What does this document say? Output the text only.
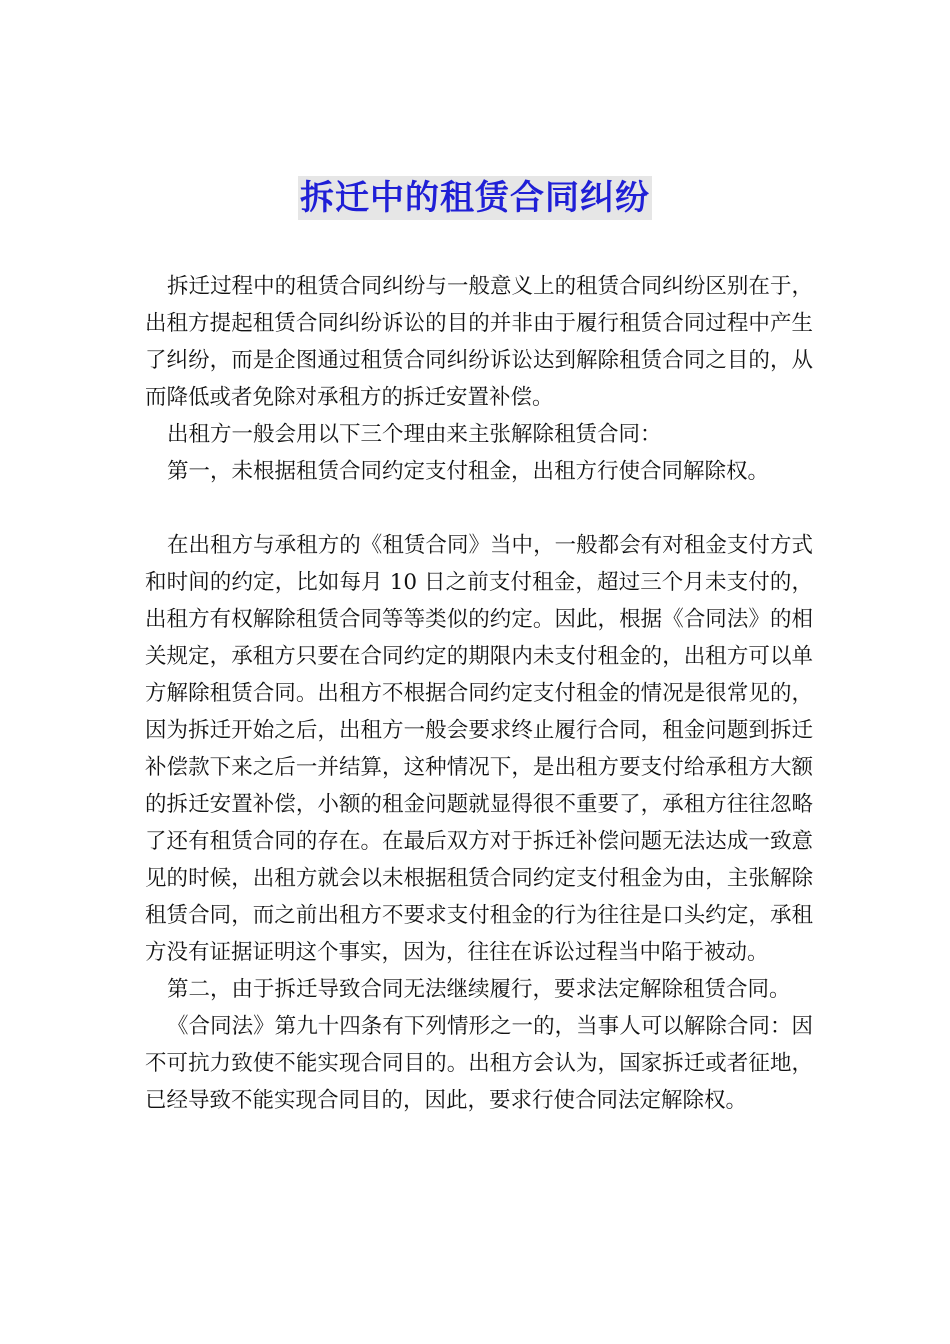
拆迁中的租赁合同纠纷

拆迁过程中的租赁合同纠纷与一般意义上的租赁合同纠纷区别在于，出租方提起租赁合同纠纷诉讼的目的并非由于履行租赁合同过程中产生了纠纷，而是企图通过租赁合同纠纷诉讼达到解除租赁合同之目的，从而降低或者免除对承租方的拆迁安置补偿。

出租方一般会用以下三个理由来主张解除租赁合同：

第一，未根据租赁合同约定支付租金，出租方行使合同解除权。

在出租方与承租方的《租赁合同》当中，一般都会有对租金支付方式和时间的约定，比如每月 10 日之前支付租金，超过三个月未支付的，出租方有权解除租赁合同等等类似的约定。因此，根据《合同法》的相关规定，承租方只要在合同约定的期限内未支付租金的，出租方可以单方解除租赁合同。出租方不根据合同约定支付租金的情况是很常见的，因为拆迁开始之后，出租方一般会要求终止履行合同，租金问题到拆迁补偿款下来之后一并结算，这种情况下，是出租方要支付给承租方大额的拆迁安置补偿，小额的租金问题就显得很不重要了，承租方往往忽略了还有租赁合同的存在。在最后双方对于拆迁补偿问题无法达成一致意见的时候，出租方就会以未根据租赁合同约定支付租金为由，主张解除租赁合同，而之前出租方不要求支付租金的行为往往是口头约定，承租方没有证据证明这个事实，因为，往往在诉讼过程当中陷于被动。

第二，由于拆迁导致合同无法继续履行，要求法定解除租赁合同。

《合同法》第九十四条有下列情形之一的，当事人可以解除合同：因不可抗力致使不能实现合同目的。出租方会认为，国家拆迁或者征地，已经导致不能实现合同目的，因此，要求行使合同法定解除权。
